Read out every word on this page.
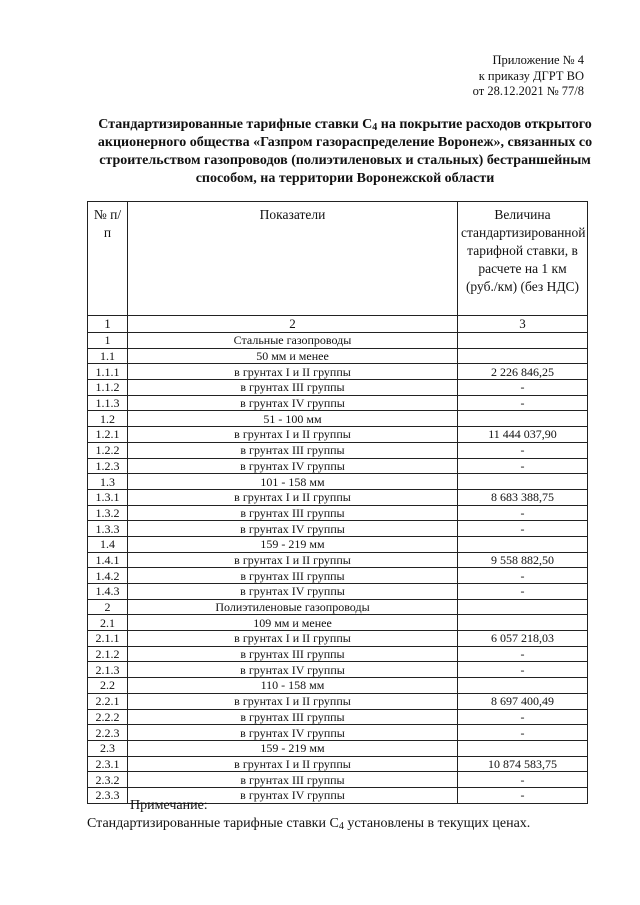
Приложение № 4
к приказу ДГРТ ВО
от 28.12.2021 № 77/8
Стандартизированные тарифные ставки $С_4$ на покрытие расходов открытого акционерного общества «Газпром газораспределение Воронеж», связанных со строительством газопроводов (полиэтиленовых и стальных) бестраншейным способом, на территории Воронежской области
№ п/п	Показатели	Величина стандартизированной тарифной ставки, в расчете на 1 км (руб./км) (без НДС)
1	2	3
1	Стальные газопроводы	
1.1	50 мм и менее	
1.1.1	в грунтах I и II группы	2 226 846,25
1.1.2	в грунтах III группы	-
1.1.3	в грунтах IV группы	-
1.2	51 - 100 мм	
1.2.1	в грунтах I и II группы	11 444 037,90
1.2.2	в грунтах III группы	-
1.2.3	в грунтах IV группы	-
1.3	101 - 158 мм	
1.3.1	в грунтах I и II группы	8 683 388,75
1.3.2	в грунтах III группы	-
1.3.3	в грунтах IV группы	-
1.4	159 - 219 мм	
1.4.1	в грунтах I и II группы	9 558 882,50
1.4.2	в грунтах III группы	-
1.4.3	в грунтах IV группы	-
2	Полиэтиленовые газопроводы	
2.1	109 мм и менее	
2.1.1	в грунтах I и II группы	6 057 218,03
2.1.2	в грунтах III группы	-
2.1.3	в грунтах IV группы	-
2.2	110 - 158 мм	
2.2.1	в грунтах I и II группы	8 697 400,49
2.2.2	в грунтах III группы	-
2.2.3	в грунтах IV группы	-
2.3	159 - 219 мм	
2.3.1	в грунтах I и II группы	10 874 583,75
2.3.2	в грунтах III группы	-
2.3.3	в грунтах IV группы	-

Примечание:

Стандартизированные тарифные ставки $С_4$ установлены в текущих ценах.
